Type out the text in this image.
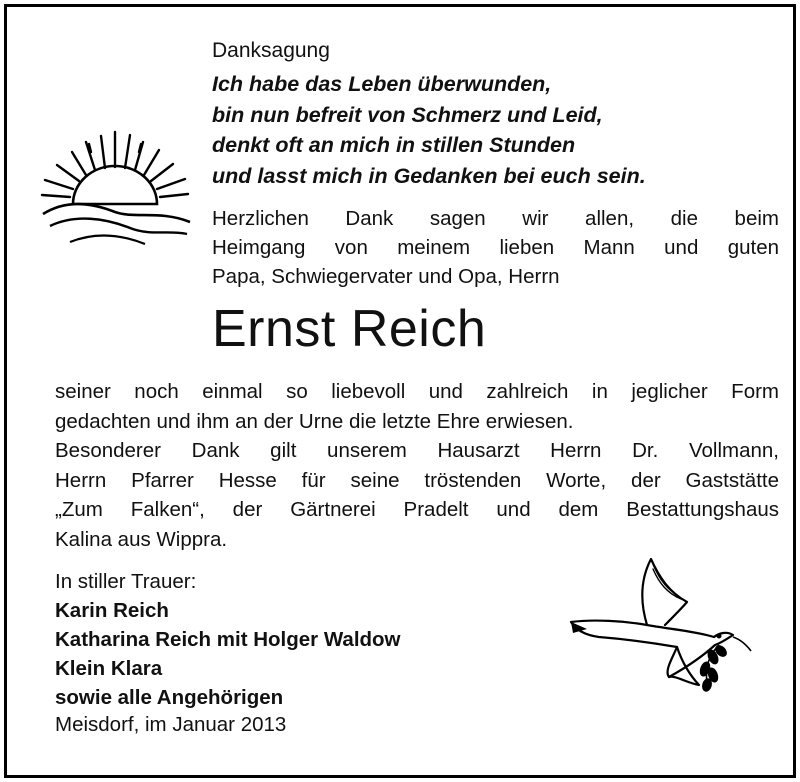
Danksagung
Ich habe das Leben überwunden,
bin nun befreit von Schmerz und Leid,
denkt oft an mich in stillen Stunden
und lasst mich in Gedanken bei euch sein.
Herzlichen Dank sagen wir allen, die beim
Heimgang von meinem lieben Mann und guten
Papa, Schwiegervater und Opa, Herrn
Ernst Reich
seiner noch einmal so liebevoll und zahlreich in jeglicher Form
gedachten und ihm an der Urne die letzte Ehre erwiesen.
Besonderer Dank gilt unserem Hausarzt Herrn Dr. Vollmann,
Herrn Pfarrer Hesse für seine tröstenden Worte, der Gaststätte
„Zum Falken“, der Gärtnerei Pradelt und dem Bestattungshaus
Kalina aus Wippra.
In stiller Trauer:
Karin Reich
Katharina Reich mit Holger Waldow
Klein Klara
sowie alle Angehörigen
Meisdorf, im Januar 2013
